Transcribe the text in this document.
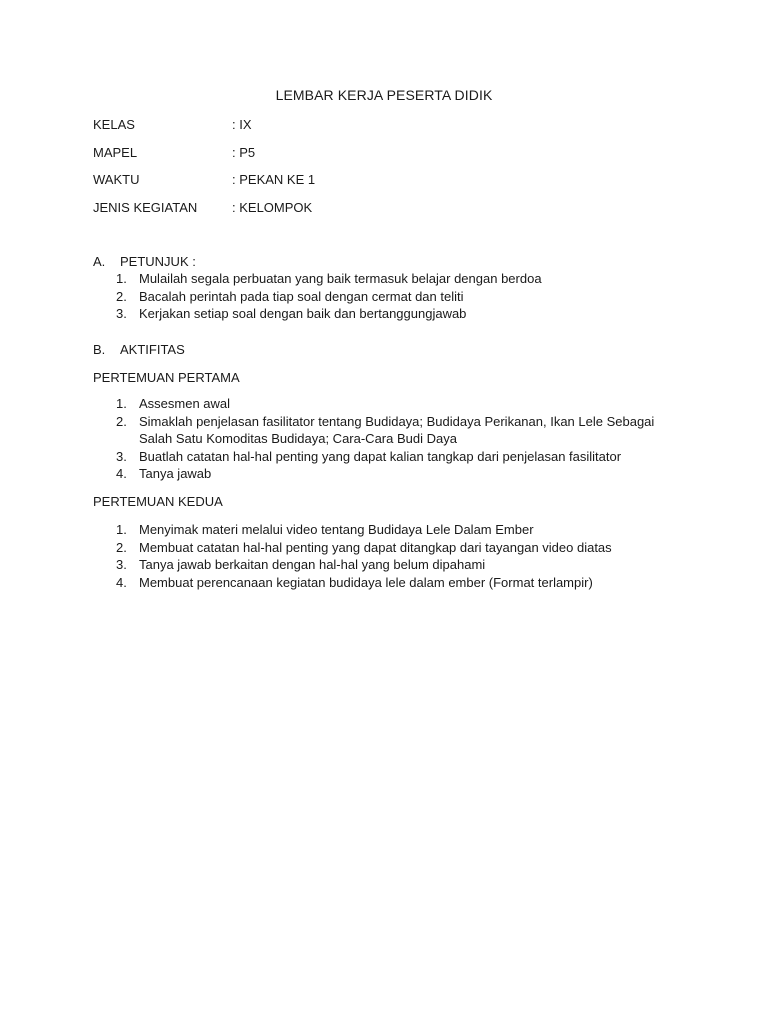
LEMBAR KERJA PESERTA DIDIK
KELAS	: IX
MAPEL	: P5
WAKTU	: PEKAN KE 1
JENIS KEGIATAN	: KELOMPOK
A.	PETUNJUK :
1. Mulailah segala perbuatan yang baik termasuk belajar dengan berdoa
2. Bacalah perintah pada tiap soal dengan cermat dan teliti
3. Kerjakan setiap soal dengan baik dan bertanggungjawab
B.	AKTIFITAS
PERTEMUAN PERTAMA
1. Assesmen awal
2. Simaklah penjelasan fasilitator tentang Budidaya; Budidaya Perikanan, Ikan Lele Sebagai Salah Satu Komoditas Budidaya; Cara-Cara Budi Daya
3. Buatlah catatan hal-hal penting yang dapat kalian tangkap dari penjelasan fasilitator
4. Tanya jawab
PERTEMUAN KEDUA
1. Menyimak materi melalui video tentang Budidaya Lele Dalam Ember
2. Membuat catatan hal-hal penting yang dapat ditangkap dari tayangan video diatas
3. Tanya jawab berkaitan dengan hal-hal yang belum dipahami
4. Membuat perencanaan kegiatan budidaya lele dalam ember (Format terlampir)
